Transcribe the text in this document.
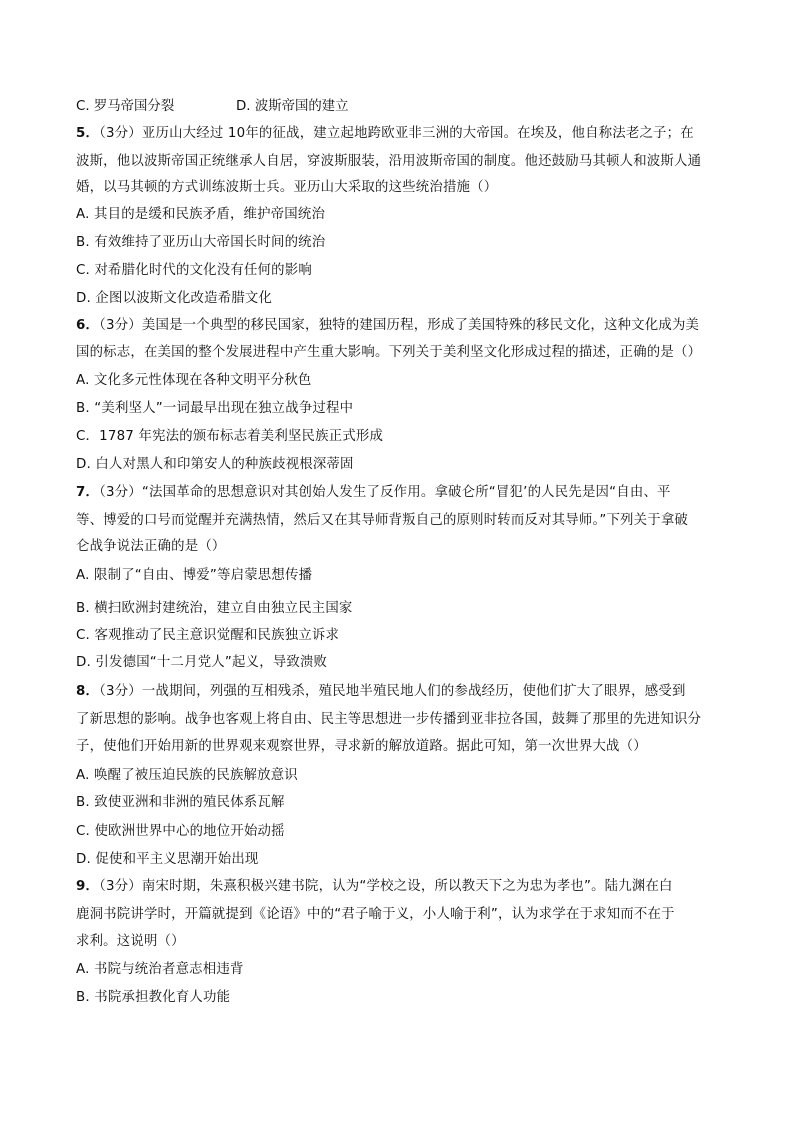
C. 罗马帝国分裂	D. 波斯帝国的建立
5．（3分）亚历山大经过 10年的征战，建立起地跨欧亚非三洲的大帝国。在埃及，他自称法老之子；在
波斯，他以波斯帝国正统继承人自居，穿波斯服装，沿用波斯帝国的制度。他还鼓励马其顿人和波斯人通
婚，以马其顿的方式训练波斯士兵。亚历山大采取的这些统治措施（）
A. 其目的是缓和民族矛盾，维护帝国统治
B. 有效维持了亚历山大帝国长时间的统治
C. 对希腊化时代的文化没有任何的影响
D. 企图以波斯文化改造希腊文化
6．（3分）美国是一个典型的移民国家，独特的建国历程，形成了美国特殊的移民文化，这种文化成为美
国的标志，在美国的整个发展进程中产生重大影响。下列关于美利坚文化形成过程的描述，正确的是（）
A. 文化多元性体现在各种文明平分秋色
B. “美利坚人”一词最早出现在独立战争过程中
C．1787 年宪法的颁布标志着美利坚民族正式形成
D. 白人对黑人和印第安人的种族歧视根深蒂固
7．（3分）“法国革命的思想意识对其创始人发生了反作用。拿破仑所“冒犯’的人民先是因“自由、平
等、博爱的口号而觉醒并充满热情，然后又在其导师背叛自己的原则时转而反对其导师。”下列关于拿破
仑战争说法正确的是（）
A. 限制了“自由、博爱”等启蒙思想传播
B. 横扫欧洲封建统治，建立自由独立民主国家
C. 客观推动了民主意识觉醒和民族独立诉求
D. 引发德国“十二月党人”起义，导致溃败
8．（3分）一战期间，列强的互相残杀，殖民地半殖民地人们的参战经历，使他们扩大了眼界，感受到
了新思想的影响。战争也客观上将自由、民主等思想进一步传播到亚非拉各国，鼓舞了那里的先进知识分
子，使他们开始用新的世界观来观察世界，寻求新的解放道路。据此可知，第一次世界大战（）
A. 唤醒了被压迫民族的民族解放意识
B. 致使亚洲和非洲的殖民体系瓦解
C. 使欧洲世界中心的地位开始动摇
D. 促使和平主义思潮开始出现
9．（3分）南宋时期，朱熹积极兴建书院，认为“学校之设，所以教天下之为忠为孝也”。陆九渊在白
鹿洞书院讲学时，开篇就提到《论语》中的“君子喻于义，小人喻于利”，认为求学在于求知而不在于
求利。这说明（）
A. 书院与统治者意志相违背
B. 书院承担教化育人功能
